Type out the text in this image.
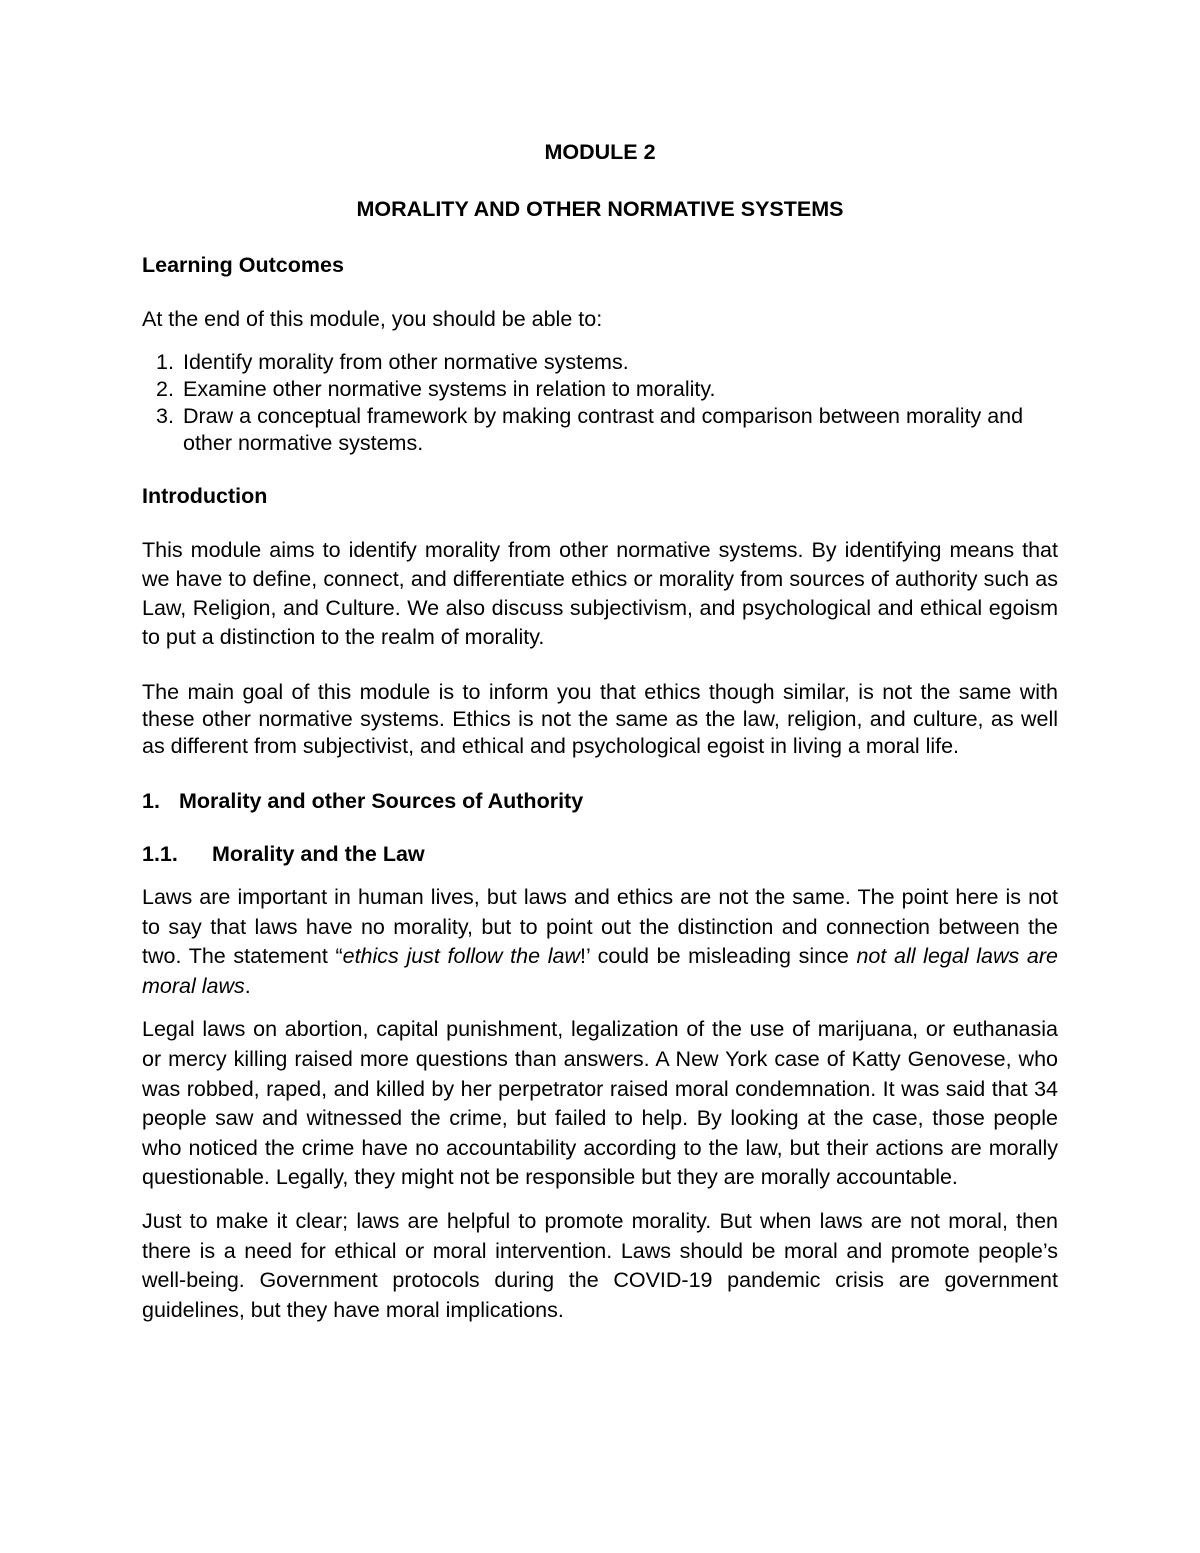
MODULE 2

MORALITY AND OTHER NORMATIVE SYSTEMS

Learning Outcomes

At the end of this module, you should be able to:

1. Identify morality from other normative systems.
2. Examine other normative systems in relation to morality.
3. Draw a conceptual framework by making contrast and comparison between morality and other normative systems.

Introduction

This module aims to identify morality from other normative systems. By identifying means that we have to define, connect, and differentiate ethics or morality from sources of authority such as Law, Religion, and Culture. We also discuss subjectivism, and psychological and ethical egoism to put a distinction to the realm of morality.

The main goal of this module is to inform you that ethics though similar, is not the same with these other normative systems. Ethics is not the same as the law, religion, and culture, as well as different from subjectivist, and ethical and psychological egoist in living a moral life.

1. Morality and other Sources of Authority

1.1. Morality and the Law

Laws are important in human lives, but laws and ethics are not the same. The point here is not to say that laws have no morality, but to point out the distinction and connection between the two. The statement “ethics just follow the law!’ could be misleading since not all legal laws are moral laws.

Legal laws on abortion, capital punishment, legalization of the use of marijuana, or euthanasia or mercy killing raised more questions than answers. A New York case of Katty Genovese, who was robbed, raped, and killed by her perpetrator raised moral condemnation. It was said that 34 people saw and witnessed the crime, but failed to help. By looking at the case, those people who noticed the crime have no accountability according to the law, but their actions are morally questionable. Legally, they might not be responsible but they are morally accountable.

Just to make it clear; laws are helpful to promote morality. But when laws are not moral, then there is a need for ethical or moral intervention. Laws should be moral and promote people’s well-being. Government protocols during the COVID-19 pandemic crisis are government guidelines, but they have moral implications.
